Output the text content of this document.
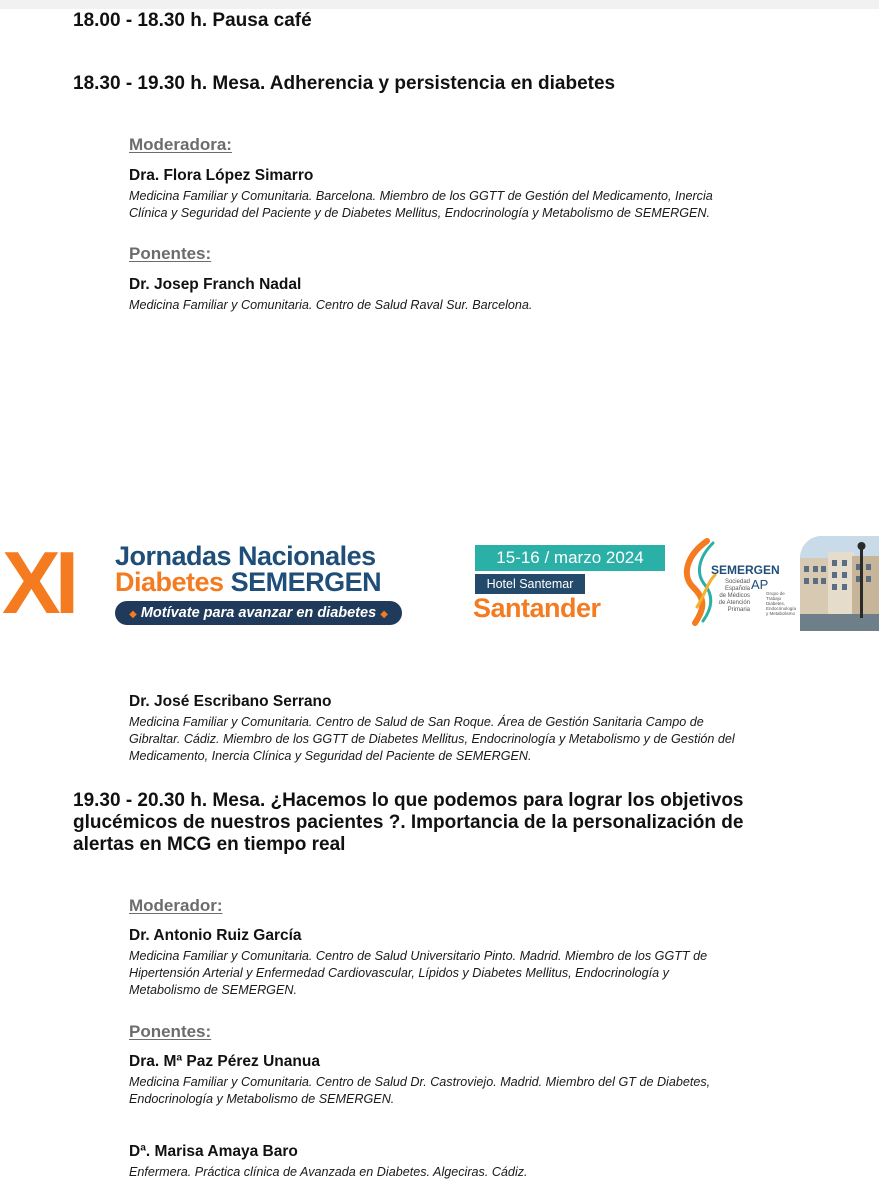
18.00 - 18.30 h. Pausa café
18.30 - 19.30 h. Mesa. Adherencia y persistencia en diabetes
Moderadora:
Dra. Flora López Simarro
Medicina Familiar y Comunitaria. Barcelona. Miembro de los GGTT de Gestión del Medicamento, Inercia
Clínica y Seguridad del Paciente y de Diabetes Mellitus, Endocrinología y Metabolismo de SEMERGEN.
Ponentes:
Dr. Josep Franch Nadal
Medicina Familiar y Comunitaria. Centro de Salud Raval Sur. Barcelona.
XI Jornadas Nacionales
Diabetes SEMERGEN
◆ Motívate para avanzar en diabetes ◆
15-16 / marzo 2024
Hotel Santemar
Santander
SEMERGEN
AP
Sociedad
Española
de Médicos
de Atención
Primaria
Grupo de Trabajo
Diabetes, Endocrinología
y Metabolismo
Dr. José Escribano Serrano
Medicina Familiar y Comunitaria. Centro de Salud de San Roque. Área de Gestión Sanitaria Campo de
Gibraltar. Cádiz. Miembro de los GGTT de Diabetes Mellitus, Endocrinología y Metabolismo y de Gestión del
Medicamento, Inercia Clínica y Seguridad del Paciente de SEMERGEN.
19.30 - 20.30 h. Mesa. ¿Hacemos lo que podemos para lograr los objetivos
glucémicos de nuestros pacientes ?. Importancia de la personalización de
alertas en MCG en tiempo real
Moderador:
Dr. Antonio Ruiz García
Medicina Familiar y Comunitaria. Centro de Salud Universitario Pinto. Madrid. Miembro de los GGTT de
Hipertensión Arterial y Enfermedad Cardiovascular, Lípidos y Diabetes Mellitus, Endocrinología y
Metabolismo de SEMERGEN.
Ponentes:
Dra. Mª Paz Pérez Unanua
Medicina Familiar y Comunitaria. Centro de Salud Dr. Castroviejo. Madrid. Miembro del GT de Diabetes,
Endocrinología y Metabolismo de SEMERGEN.
Dª. Marisa Amaya Baro
Enfermera. Práctica clínica de Avanzada en Diabetes. Algeciras. Cádiz.
